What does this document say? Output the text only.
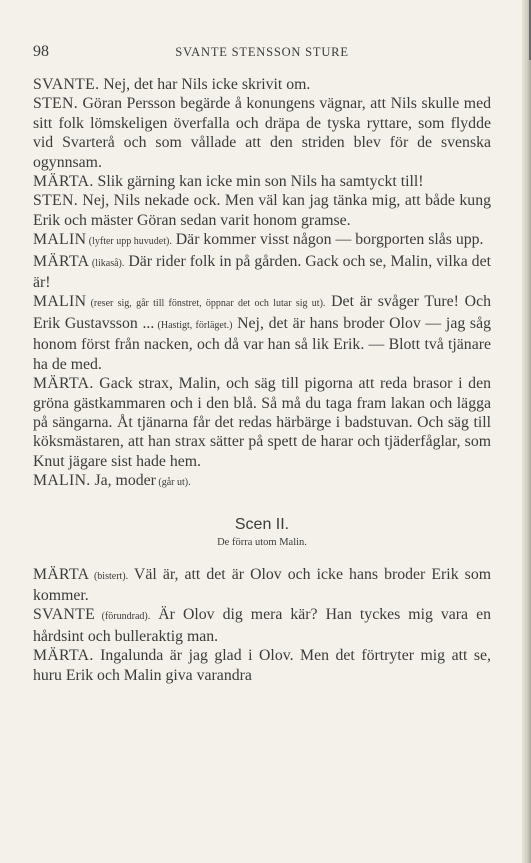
98	SVANTE STENSSON STURE

SVANTE. Nej, det har Nils icke skrivit om.

STEN. Göran Persson begärde å konungens vägnar, att Nils skulle med sitt folk lömskeligen överfalla och dräpa de tyska ryttare, som flydde vid Svarterå och som vållade att den striden blev för de svenska ogynnsam.

MÄRTA. Slik gärning kan icke min son Nils ha samtyckt till!

STEN. Nej, Nils nekade ock. Men väl kan jag tänka mig, att både kung Erik och mäster Göran sedan varit honom gramse.

MALIN (lyfter upp huvudet). Där kommer visst någon — borgporten slås upp.

MÄRTA (likaså). Där rider folk in på gården. Gack och se, Malin, vilka det är!

MALIN (reser sig, går till fönstret, öppnar det och lutar sig ut). Det är svåger Ture! Och Erik Gustavsson ... (Hastigt, förläget.) Nej, det är hans broder Olov — jag såg honom först från nacken, och då var han så lik Erik. — Blott två tjänare ha de med.

MÄRTA. Gack strax, Malin, och säg till pigorna att reda brasor i den gröna gästkammaren och i den blå. Så må du taga fram lakan och lägga på sängarna. Åt tjänarna får det redas härbärge i badstuvan. Och säg till köksmästaren, att han strax sätter på spett de harar och tjäderfåglar, som Knut jägare sist hade hem.

MALIN. Ja, moder (går ut).

Scen II.

De förra utom Malin.

MÄRTA (bistert). Väl är, att det är Olov och icke hans broder Erik som kommer.

SVANTE (förundrad). Är Olov dig mera kär? Han tyckes mig vara en hårdsint och bulleraktig man.

MÄRTA. Ingalunda är jag glad i Olov. Men det förtryter mig att se, huru Erik och Malin giva varandra
